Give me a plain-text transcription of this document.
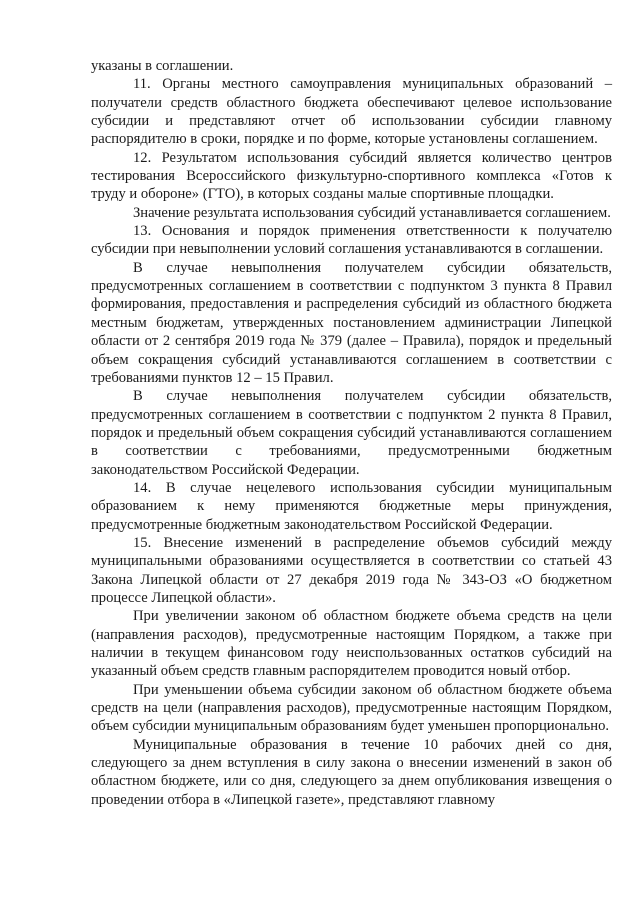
указаны в соглашении.

11. Органы местного самоуправления муниципальных образований – получатели средств областного бюджета обеспечивают целевое использование субсидии и представляют отчет об использовании субсидии главному распорядителю в сроки, порядке и по форме, которые установлены соглашением.

12. Результатом использования субсидий является количество центров тестирования Всероссийского физкультурно-спортивного комплекса «Готов к труду и обороне» (ГТО), в которых созданы малые спортивные площадки.

Значение результата использования субсидий устанавливается соглашением.

13. Основания и порядок применения ответственности к получателю субсидии при невыполнении условий соглашения устанавливаются в соглашении.

В случае невыполнения получателем субсидии обязательств, предусмотренных соглашением в соответствии с подпунктом 3 пункта 8 Правил формирования, предоставления и распределения субсидий из областного бюджета местным бюджетам, утвержденных постановлением администрации Липецкой области от 2 сентября 2019 года № 379 (далее – Правила), порядок и предельный объем сокращения субсидий устанавливаются соглашением в соответствии с требованиями пунктов 12 – 15 Правил.

В случае невыполнения получателем субсидии обязательств, предусмотренных соглашением в соответствии с подпунктом 2 пункта 8 Правил, порядок и предельный объем сокращения субсидий устанавливаются соглашением в соответствии с требованиями, предусмотренными бюджетным законодательством Российской Федерации.

14. В случае нецелевого использования субсидии муниципальным образованием к нему применяются бюджетные меры принуждения, предусмотренные бюджетным законодательством Российской Федерации.

15. Внесение изменений в распределение объемов субсидий между муниципальными образованиями осуществляется в соответствии со статьей 43 Закона Липецкой области от 27 декабря 2019 года № 343-ОЗ «О бюджетном процессе Липецкой области».

При увеличении законом об областном бюджете объема средств на цели (направления расходов), предусмотренные настоящим Порядком, а также при наличии в текущем финансовом году неиспользованных остатков субсидий на указанный объем средств главным распорядителем проводится новый отбор.

При уменьшении объема субсидии законом об областном бюджете объема средств на цели (направления расходов), предусмотренные настоящим Порядком, объем субсидии муниципальным образованиям будет уменьшен пропорционально.

Муниципальные образования в течение 10 рабочих дней со дня, следующего за днем вступления в силу закона о внесении изменений в закон об областном бюджете, или со дня, следующего за днем опубликования извещения о проведении отбора в «Липецкой газете», представляют главному
